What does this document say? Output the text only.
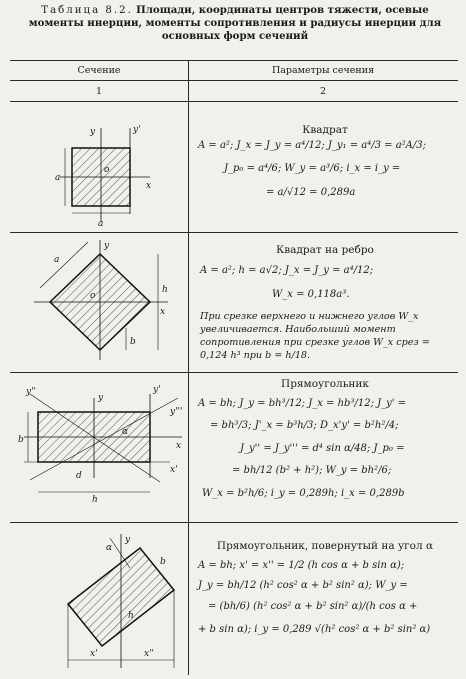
Таблица 8.2. Площади, координаты центров тяжести, осевые моменты инерции, моменты сопротивления и радиусы инерции для основных форм сечений
Сечение	Параметры сечения
1	2
y	y'
x
o
a
a
Квадрат
A = a²; J_x = J_y = a⁴/12; J_y₁ = a⁴/3 = a²A/3;
J_p₀ = a⁴/6; W_y = a³/6; i_x = i_y =
= a/√12 = 0,289a
y
x
o
a
h
b
Квадрат на ребро
A = a²; h = a√2; J_x = J_y = a⁴/12;
W_x = 0,118a³.
При срезке верхнего и нижнего углов W_x увеличивается. Наибольший момент сопротивления при срезке углов W_x срез = 0,124 h³ при b = h/18.
y''
y
y'
y'''
x
x'
α
b
d
h
Прямоугольник
A = bh; J_y = bh³/12; J_x = hb³/12; J_y' =
= bh³/3; J'_x = b³h/3; D_x'y' = b²h²/4;
J_y'' = J_y''' = d⁴ sin α/48; J_p₀ =
= bh/12 (b² + h²); W_y = bh²/6;
W_x = b²h/6; i_y = 0,289h; i_x = 0,289b
y
α
b
h
x'	x''
Прямоугольник, повернутый на угол α
A = bh; x' = x'' = 1/2 (h cos α + b sin α);
J_y = bh/12 (h² cos² α + b² sin² α); W_y =
= (bh/6) (h² cos² α + b² sin² α)/(h cos α +
+ b sin α); i_y = 0,289 √(h² cos² α + b² sin² α)
